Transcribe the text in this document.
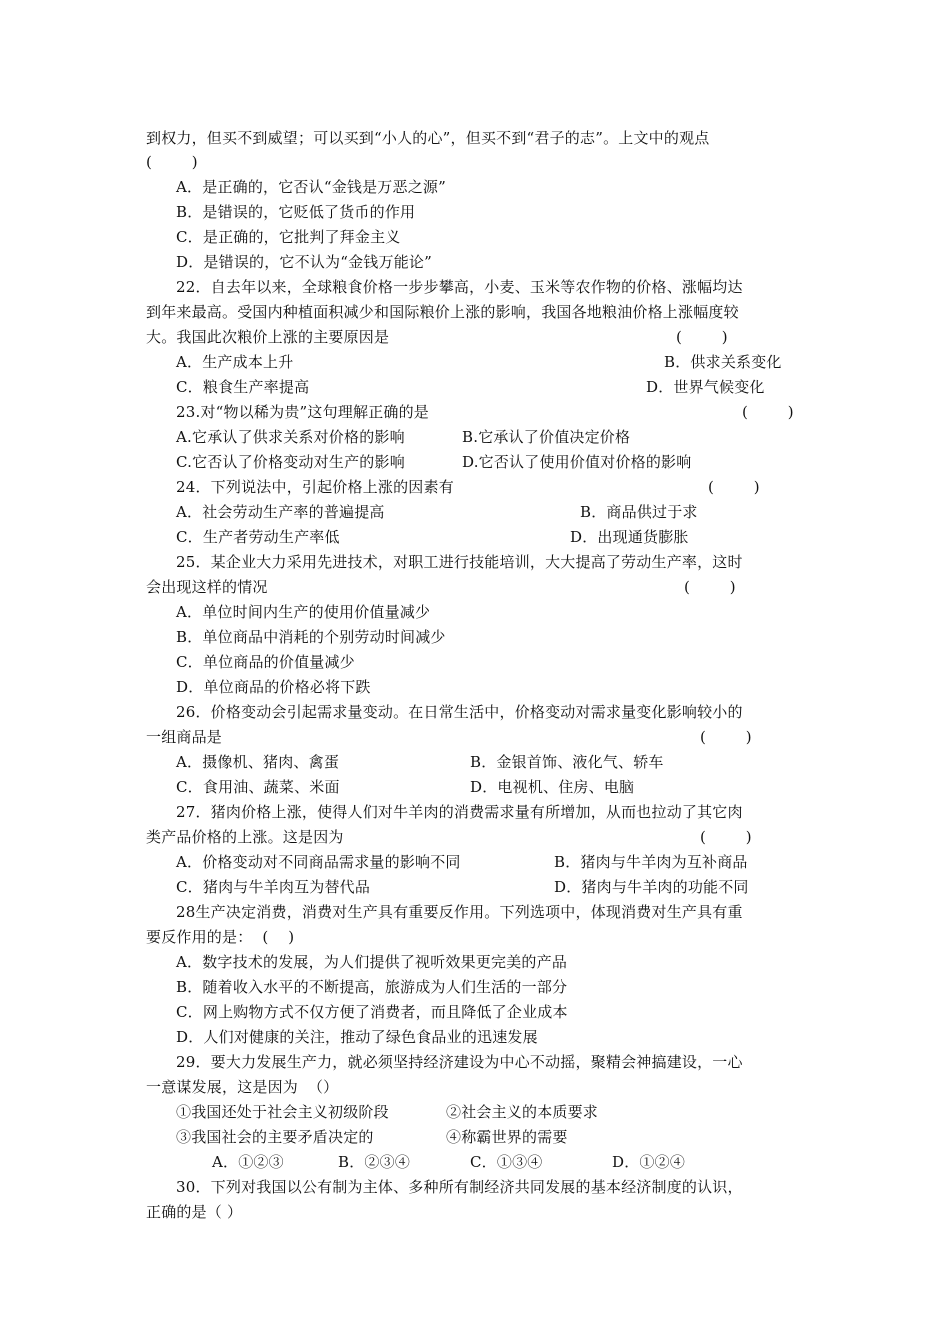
到权力，但买不到威望；可以买到“小人的心”，但买不到“君子的志”。上文中的观点
(        )
A．是正确的，它否认“金钱是万恶之源”
B．是错误的，它贬低了货币的作用
C．是正确的，它批判了拜金主义
D．是错误的，它不认为“金钱万能论”
22．自去年以来，全球粮食价格一步步攀高，小麦、玉米等农作物的价格、涨幅均达
到年来最高。受国内种植面积减少和国际粮价上涨的影响，我国各地粮油价格上涨幅度较
大。我国此次粮价上涨的主要原因是	(        )
A．生产成本上升	B．供求关系变化
C．粮食生产率提高	D．世界气候变化
23.对“物以稀为贵”这句理解正确的是	(        )
A.它承认了供求关系对价格的影响	B.它承认了价值决定价格
C.它否认了价格变动对生产的影响	D.它否认了使用价值对价格的影响
24．下列说法中，引起价格上涨的因素有	(        )
A．社会劳动生产率的普遍提高	B．商品供过于求
C．生产者劳动生产率低	D．出现通货膨胀
25．某企业大力采用先进技术，对职工进行技能培训，大大提高了劳动生产率，这时
会出现这样的情况	(        )
A．单位时间内生产的使用价值量减少
B．单位商品中消耗的个别劳动时间减少
C．单位商品的价值量减少
D．单位商品的价格必将下跌
26．价格变动会引起需求量变动。在日常生活中，价格变动对需求量变化影响较小的
一组商品是	(        )
A．摄像机、猪肉、禽蛋	B．金银首饰、液化气、轿车
C．食用油、蔬菜、米面	D．电视机、住房、电脑
27．猪肉价格上涨，使得人们对牛羊肉的消费需求量有所增加，从而也拉动了其它肉
类产品价格的上涨。这是因为	(        )
A．价格变动对不同商品需求量的影响不同	B．猪肉与牛羊肉为互补商品
C．猪肉与牛羊肉互为替代品	D．猪肉与牛羊肉的功能不同
28生产决定消费，消费对生产具有重要反作用。下列选项中，体现消费对生产具有重
要反作用的是：  (    )
A．数字技术的发展，为人们提供了视听效果更完美的产品
B．随着收入水平的不断提高，旅游成为人们生活的一部分
C．网上购物方式不仅方便了消费者，而且降低了企业成本
D．人们对健康的关注，推动了绿色食品业的迅速发展
29．要大力发展生产力，就必须坚持经济建设为中心不动摇，聚精会神搞建设，一心
一意谋发展，这是因为  （）
①我国还处于社会主义初级阶段	②社会主义的本质要求
③我国社会的主要矛盾决定的	④称霸世界的需要
A．①②③	B．②③④	C．①③④	D．①②④
30．下列对我国以公有制为主体、多种所有制经济共同发展的基本经济制度的认识，
正确的是（ ）
